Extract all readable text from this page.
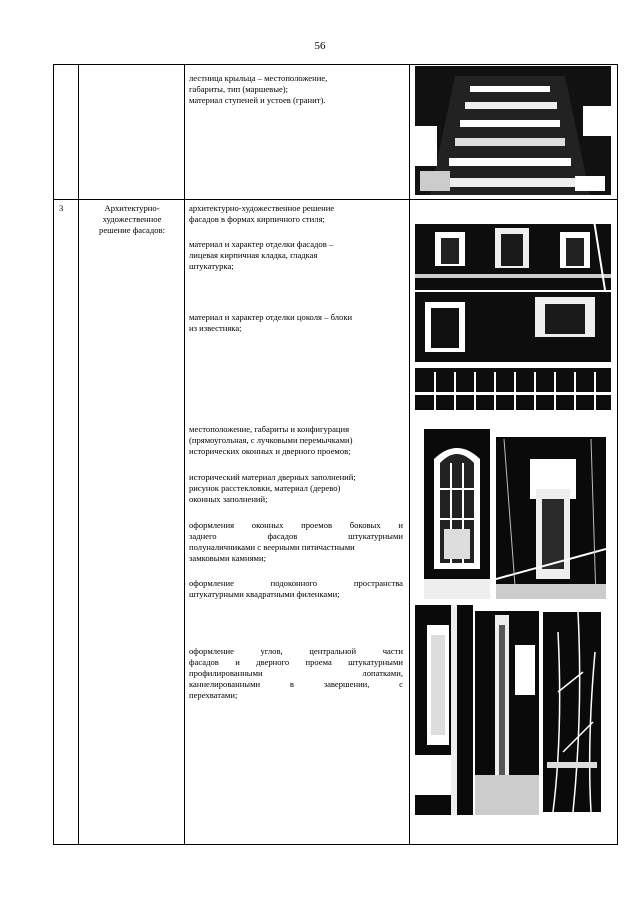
56
лестница крыльца – местоположение,
габариты, тип (маршевые);
материал ступеней и устоев (гранит).
3	Архитектурно-
художественное
решение фасадов:
архитектурно-художественное решение
фасадов в формах кирпичного стиля;
материал и характер отделки фасадов –
лицевая кирпичная кладка, гладкая
штукатурка;
материал и характер отделки цоколя – блоки
из известняка;
местоположение, габариты и конфигурация
(прямоугольная, с лучковыми перемычками)
исторических оконных и дверного проемов;
исторический материал дверных заполнений;
рисунок расстекловки, материал (дерево)
оконных заполнений;
оформления оконных проемов боковых и
заднего фасадов штукатурными
полуналичниками с веерными пятичастными
замковыми камнями;
оформление подоконного пространства
штукатурными квадратными филенками;
оформление углов, центральной части
фасадов и дверного проема штукатурными
профилированными лопатками,
каннелированными в завершении, с
перехватами;
